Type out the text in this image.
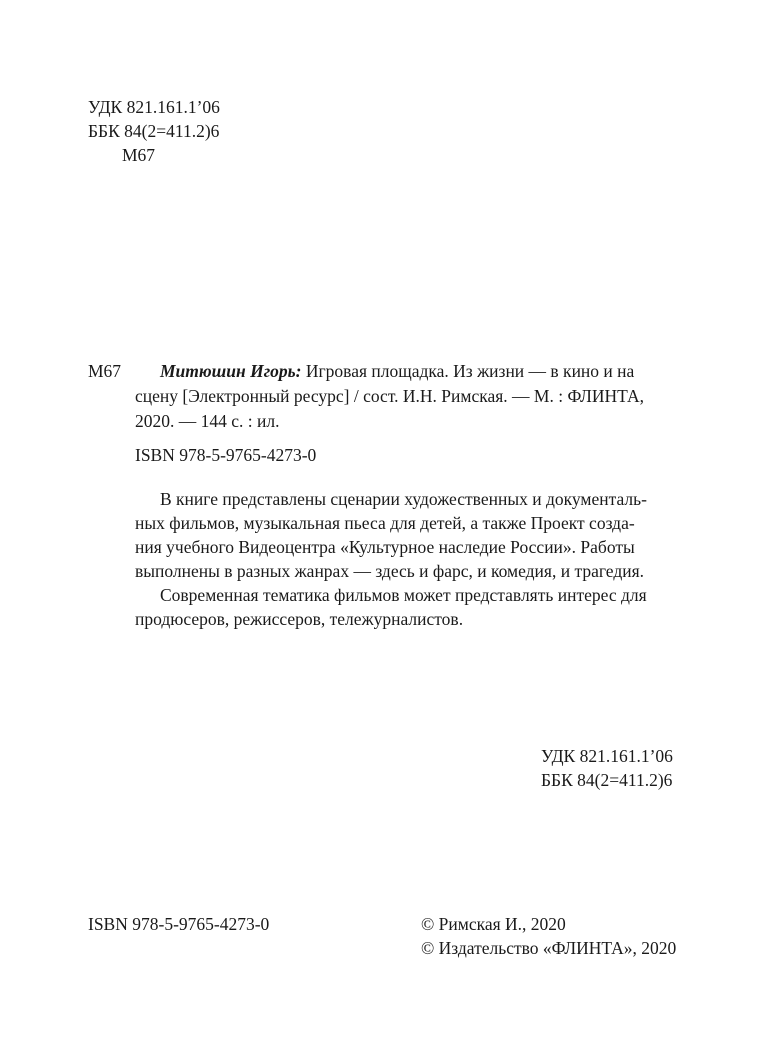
УДК 821.161.1’06
ББК 84(2=411.2)6
М67
М67	Митюшин Игорь: Игровая площадка. Из жизни — в кино и на
сцену [Электронный ресурс] / сост. И.Н. Римская. — М. : ФЛИНТА,
2020. — 144 с. : ил.
ISBN 978-5-9765-4273-0
В книге представлены сценарии художественных и документаль-
ных фильмов, музыкальная пьеса для детей, а также Проект созда-
ния учебного Видеоцентра «Культурное наследие России». Работы
выполнены в разных жанрах — здесь и фарс, и комедия, и трагедия.
Современная тематика фильмов может представлять интерес для
продюсеров, режиссеров, тележурналистов.
УДК 821.161.1’06
ББК 84(2=411.2)6
ISBN 978-5-9765-4273-0	© Римская И., 2020
© Издательство «ФЛИНТА», 2020
